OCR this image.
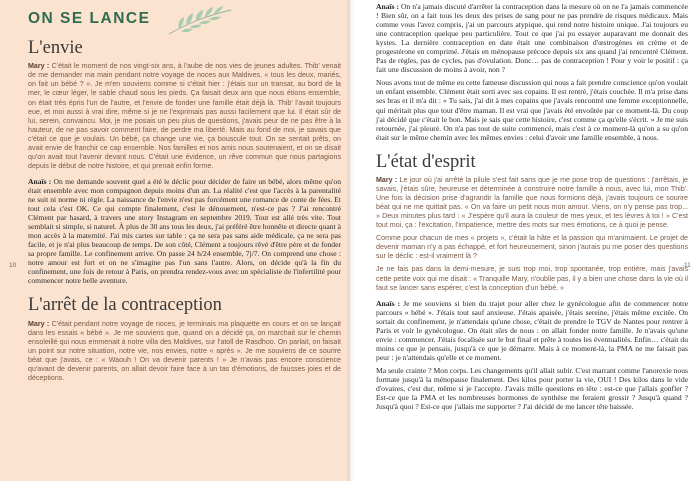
ON SE LANCE
L'envie

Mary : C'était le moment de nos vingt-six ans, à l'aube de nos vies de jeunes adultes. Thib' venait de me demander ma main pendant notre voyage de noces aux Maldives, « tous les deux, mariés, on fait un bébé ? ». Je m'en souviens comme si c'était hier : j'étais sur un transat, au bord de la mer, le cœur léger, le sable chaud sous les pieds. Ça faisait deux ans que nous étions ensemble, on était très épris l'un de l'autre, et l'envie de fonder une famille était déjà là. Thib' l'avait toujours eue, et moi aussi à vrai dire, même si je ne l'exprimais pas aussi facilement que lui. Il était sûr de lui, serein, convaincu. Moi, je me posais un peu plus de questions, j'avais peur de ne pas être à la hauteur, de ne pas savoir comment faire, de perdre ma liberté. Mais au fond de moi, je savais que c'était ce que je voulais. Un bébé, ça change une vie, ça bouscule tout. On se sentait prêts, on avait envie de franchir ce cap ensemble. Nos familles et nos amis nous soutenaient, et on se disait qu'on avait tout l'avenir devant nous. C'était une évidence, un rêve commun que nous partagions depuis le début de notre histoire, et qui prenait enfin forme.

Anaïs : On me demande souvent quel a été le déclic pour décider de faire un bébé, alors même qu'on était ensemble avec mon compagnon depuis moins d'un an. La réalité c'est que l'accès à la parentalité ne suit ni norme ni règle. La naissance de l'envie n'est pas forcément une romance de conte de fées. Et tout cela c'est OK. Ce qui compte finalement, c'est le dénouement, n'est-ce pas ? J'ai rencontré Clément par hasard, à travers une story Instagram en septembre 2019. Tout est allé très vite. Tout semblait si simple, si naturel. À plus de 30 ans tous les deux, j'ai préféré être honnête et directe quant à mon accès à la maternité. J'ai mis cartes sur table : ça ne sera pas sans aide médicale, ça ne sera pas facile, et je n'ai plus beaucoup de temps. De son côté, Clément a toujours rêvé d'être père et de fonder sa propre famille. Le confinement arrive. On passe 24 h/24 ensemble, 7j/7. On comprend une chose : notre amour est fort et on ne s'imagine pas l'un sans l'autre. Alors, on décide qu'à la fin du confinement, une fois de retour à Paris, on prendra rendez-vous avec un spécialiste de l'infertilité pour commencer notre belle aventure.

L'arrêt de la contraception

Mary : C'était pendant notre voyage de noces, je terminais ma plaquette en cours et on se lançait dans les essais « bébé ». Je me souviens que, quand on a décidé ça, on marchait sur le chemin ensoleillé qui nous emmenait à notre villa des Maldives, sur l'atoll de Rasdhoo. On parlait, on faisait un point sur notre situation, notre vie, nos envies, notre « après ». Je me souviens de ce sourire béat que j'avais, ce : « Waouh ! On va devenir parents ! » Je n'avais pas encore conscience qu'avant de devenir parents, on allait devoir faire face à un tas d'émotions, de fausses joies et de déceptions.

10	11

Anaïs : On n'a jamais discuté d'arrêter la contraception dans la mesure où on ne l'a jamais commencée ! Bien sûr, on a fait tous les deux des prises de sang pour ne pas prendre de risques médicaux. Mais comme vous l'avez compris, j'ai un parcours atypique, qui rend notre histoire unique. J'ai toujours eu une contraception quelque peu particulière. Tout ce que j'ai pu essayer auparavant me donnait des kystes. La dernière contraception en date était une combinaison d'œstrogènes en crème et de progestérone en comprimé. J'étais en ménopause précoce depuis six ans quand j'ai rencontré Clément. Pas de règles, pas de cycles, pas d'ovulation. Donc… pas de contraception ! Pour y voir le positif : ça fait une discussion de moins à avoir, non ?

Nous avons tout de même eu cette fameuse discussion qui nous a fait prendre conscience qu'on voulait un enfant ensemble. Clément était sorti avec ses copains. Il est rentré, j'étais couchée. Il m'a prise dans ses bras et il m'a dit : « Tu sais, j'ai dit à mes copains que j'avais rencontré une femme exceptionnelle, qui méritait plus que tout d'être maman. Il est vrai que j'avais été envoûtée par ce moment-là. Du coup j'ai décidé que c'était le bon. Mais je sais que cette histoire, c'est comme ça qu'elle s'écrit. » Je me suis retournée, j'ai pleuré. On n'a pas tout de suite commencé, mais c'est à ce moment-là qu'on a su qu'on était sur le même chemin avec les mêmes envies : celui d'avoir une famille ensemble, à nous.

L'état d'esprit

Mary : Le jour où j'ai arrêté la pilule s'est fait sans que je me pose trop de questions : j'arrêtais, je savais, j'étais sûre, heureuse et déterminée à construire notre famille à nous, avec lui, mon Thib'. Une fois la décision prise d'agrandir la famille que nous formions déjà, j'avais toujours ce sourire béat qui ne me quittait pas. « On va faire un petit nous mon amour. Viens, on n'y pense pas trop... » Deux minutes plus tard : « J'espère qu'il aura la couleur de mes yeux, et tes lèvres à toi ! » C'est tout moi, ça : l'excitation, l'impatience, mettre des mots sur mes émotions, ce à quoi je pense.

Comme pour chacun de mes « projets », c'était la hâte et la passion qui m'animaient. Le projet de devenir maman n'y a pas échappé, et fort heureusement, sinon j'aurais pu me poser des questions sur le déclic : est-il vraiment là ?

Je ne fais pas dans la demi-mesure, je suis trop moi, trop spontanée, trop entière, mais j'avais cette petite voix qui me disait : « Tranquille Mary, n'oublie pas, il y a bien une chose dans la vie où il faut se lancer sans espérer, c'est la conception d'un bébé. »

Anaïs : Je me souviens si bien du trajet pour aller chez le gynécologue afin de commencer notre parcours « bébé ». J'étais tout sauf anxieuse. J'étais apaisée, j'étais sereine, j'étais même excitée. On sortait du confinement, je n'attendais qu'une chose, c'était de prendre le TGV de Nantes pour rentrer à Paris et voir le gynécologue. On était sûrs de nous : on allait fonder notre famille. Je n'avais qu'une envie : commencer. J'étais focalisée sur le but final et prête à toutes les éventualités. Enfin… c'était du moins ce que je pensais, jusqu'à ce que je démarre. Mais à ce moment-là, la PMA ne me faisait pas peur : je n'attendais qu'elle et ce moment.

Ma seule crainte ? Mon corps. Les changements qu'il allait subir. C'est marrant comme l'anorexie nous formate jusqu'à la ménopause finalement. Des kilos pour porter la vie, OUI ! Des kilos dans le vide d'ovaires, c'est dur, même si je l'accepte. J'avais mille questions en tête : est-ce que j'allais gonfler ? Est-ce que la PMA et les nombreuses hormones de synthèse me feraient grossir ? Jusqu'à quand ? Jusqu'à quoi ? Est-ce que j'allais me supporter ? J'ai décidé de me lancer tête baissée.
